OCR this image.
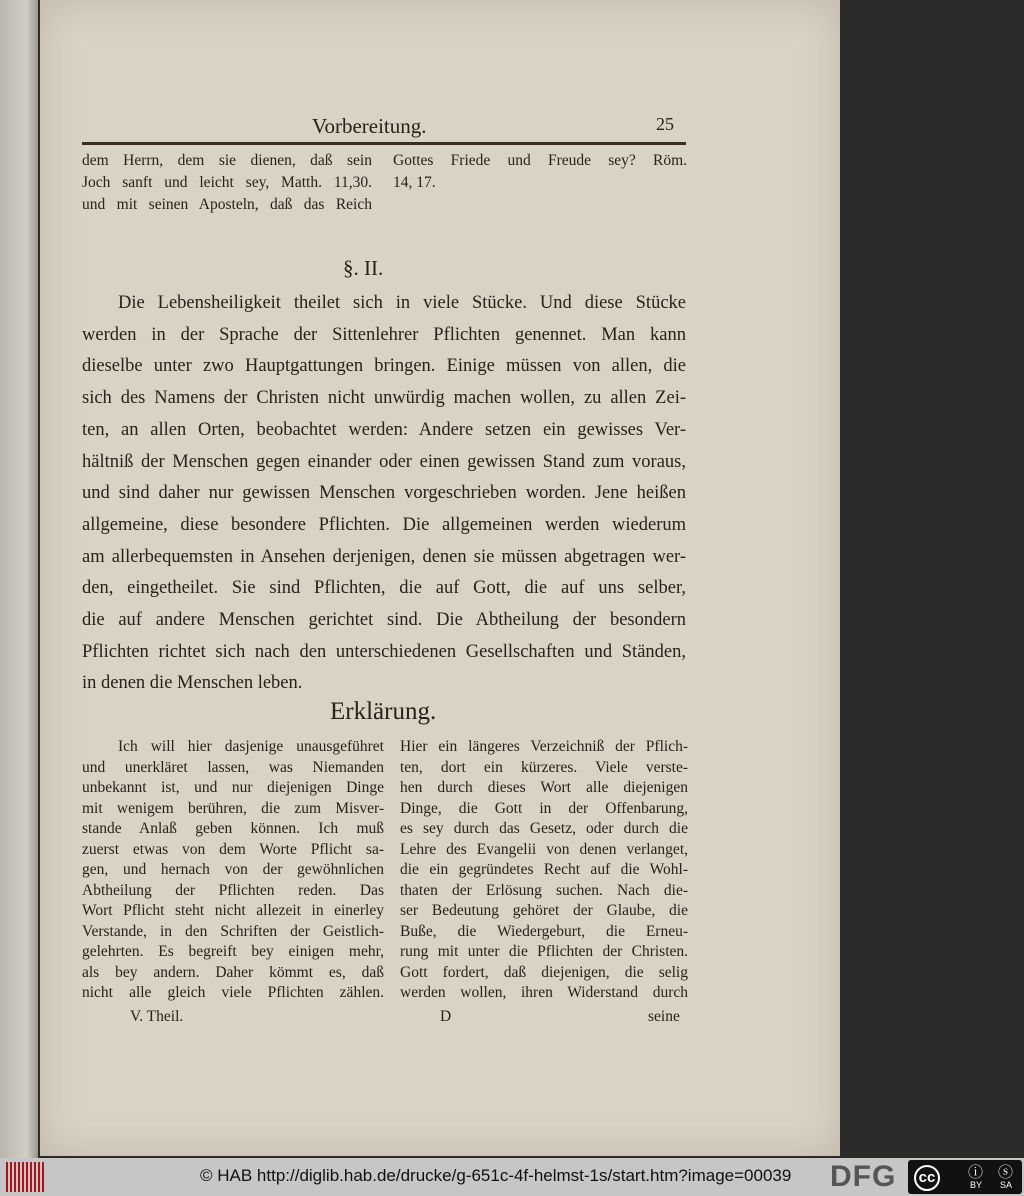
Vorbereitung.	25
§. II.
Erklärung.
V. Theil.	D	seine
© HAB http://diglib.hab.de/drucke/g-651c-4f-helmst-1s/start.htm?image=00039 DFG	cc	BY SA
ⓘ ⓢ
dem Herrn, dem sie dienen, daß sein
Joch sanft und leicht sey, Matth. 11,30.
und mit seinen Aposteln, daß das Reich
Gottes Friede und Freude sey? Röm.
14, 17.
Die Lebensheiligkeit theilet sich in viele Stücke. Und diese Stücke
werden in der Sprache der Sittenlehrer Pflichten genennet. Man kann
dieselbe unter zwo Hauptgattungen bringen. Einige müssen von allen, die
sich des Namens der Christen nicht unwürdig machen wollen, zu allen Zei-
ten, an allen Orten, beobachtet werden: Andere setzen ein gewisses Ver-
hältniß der Menschen gegen einander oder einen gewissen Stand zum voraus,
und sind daher nur gewissen Menschen vorgeschrieben worden. Jene heißen
allgemeine, diese besondere Pflichten. Die allgemeinen werden wiederum
am allerbequemsten in Ansehen derjenigen, denen sie müssen abgetragen wer-
den, eingetheilet. Sie sind Pflichten, die auf Gott, die auf uns selber,
die auf andere Menschen gerichtet sind. Die Abtheilung der besondern
Pflichten richtet sich nach den unterschiedenen Gesellschaften und Ständen,
in denen die Menschen leben.
Ich will hier dasjenige unausgeführet
und unerkläret lassen, was Niemanden
unbekannt ist, und nur diejenigen Dinge
mit wenigem berühren, die zum Misver-
stande Anlaß geben können. Ich muß
zuerst etwas von dem Worte Pflicht sa-
gen, und hernach von der gewöhnlichen
Abtheilung der Pflichten reden. Das
Wort Pflicht steht nicht allezeit in einerley
Verstande, in den Schriften der Geistlich-
gelehrten. Es begreift bey einigen mehr,
als bey andern. Daher kömmt es, daß
nicht alle gleich viele Pflichten zählen.
Hier ein längeres Verzeichniß der Pflich-
ten, dort ein kürzeres. Viele verste-
hen durch dieses Wort alle diejenigen
Dinge, die Gott in der Offenbarung,
es sey durch das Gesetz, oder durch die
Lehre des Evangelii von denen verlanget,
die ein gegründetes Recht auf die Wohl-
thaten der Erlösung suchen. Nach die-
ser Bedeutung gehöret der Glaube, die
Buße, die Wiedergeburt, die Erneu-
rung mit unter die Pflichten der Christen.
Gott fordert, daß diejenigen, die selig
werden wollen, ihren Widerstand durch
